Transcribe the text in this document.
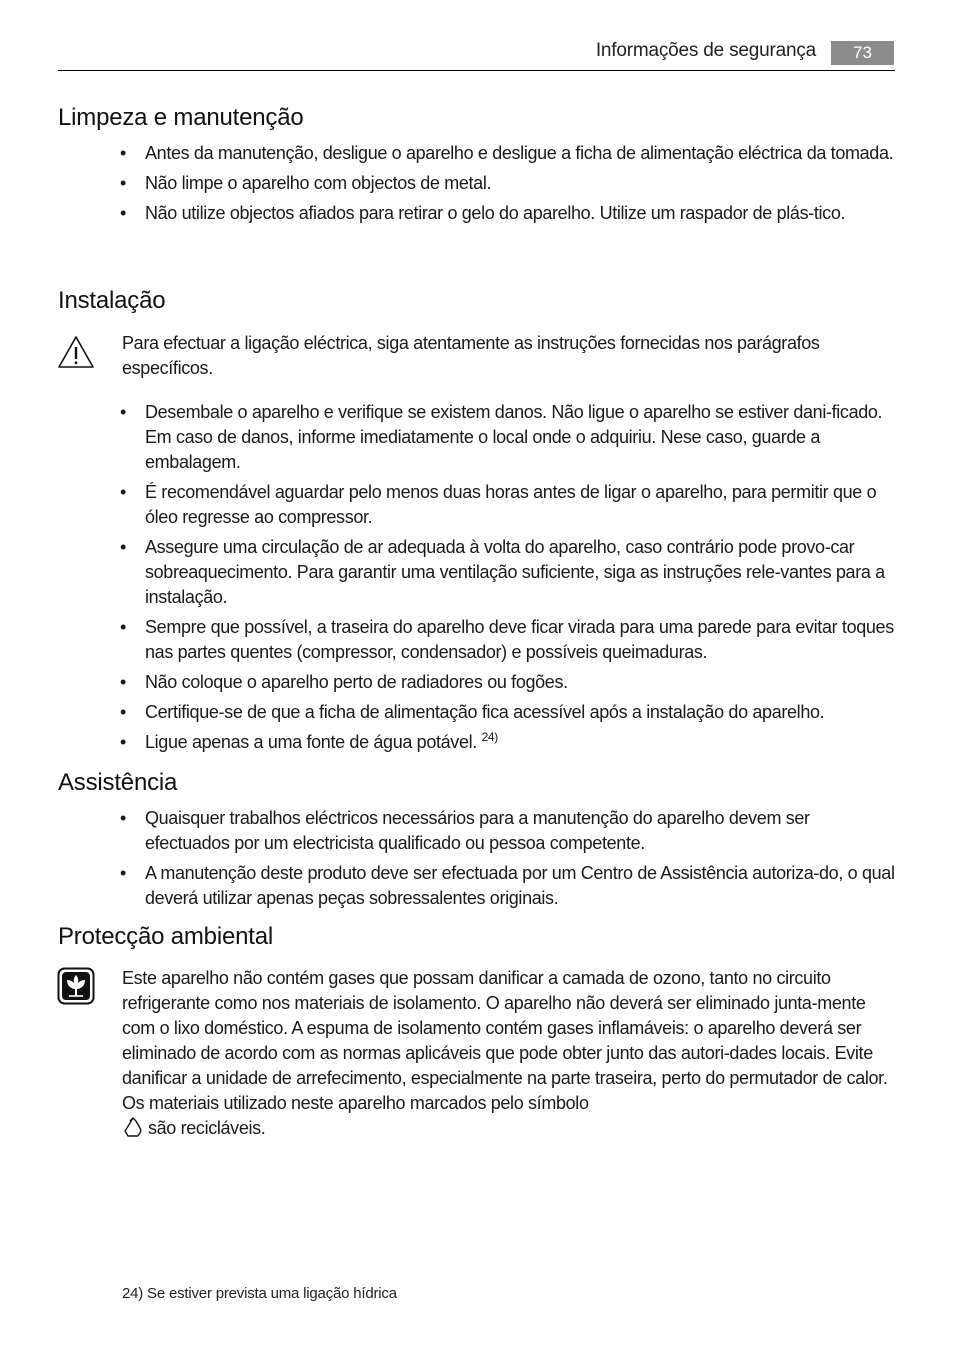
Informações de segurança	73
Limpeza e manutenção
• Antes da manutenção, desligue o aparelho e desligue a ficha de alimentação eléctrica da tomada.
• Não limpe o aparelho com objectos de metal.
• Não utilize objectos afiados para retirar o gelo do aparelho. Utilize um raspador de plás-tico.
Instalação

Para efectuar a ligação eléctrica, siga atentamente as instruções fornecidas nos parágrafos específicos.

• Desembale o aparelho e verifique se existem danos. Não ligue o aparelho se estiver dani-ficado. Em caso de danos, informe imediatamente o local onde o adquiriu. Nese caso, guarde a embalagem.
• É recomendável aguardar pelo menos duas horas antes de ligar o aparelho, para permitir que o óleo regresse ao compressor.
• Assegure uma circulação de ar adequada à volta do aparelho, caso contrário pode provo-car sobreaquecimento. Para garantir uma ventilação suficiente, siga as instruções rele-vantes para a instalação.
• Sempre que possível, a traseira do aparelho deve ficar virada para uma parede para evitar toques nas partes quentes (compressor, condensador) e possíveis queimaduras.
• Não coloque o aparelho perto de radiadores ou fogões.
• Certifique-se de que a ficha de alimentação fica acessível após a instalação do aparelho.
• Ligue apenas a uma fonte de água potável. $^{24)}$
Assistência
• Quaisquer trabalhos eléctricos necessários para a manutenção do aparelho devem ser efectuados por um electricista qualificado ou pessoa competente.
• A manutenção deste produto deve ser efectuada por um Centro de Assistência autoriza-do, o qual deverá utilizar apenas peças sobressalentes originais.
Protecção ambiental

Este aparelho não contém gases que possam danificar a camada de ozono, tanto no circuito refrigerante como nos materiais de isolamento. O aparelho não deverá ser eliminado junta-mente com o lixo doméstico. A espuma de isolamento contém gases inflamáveis: o aparelho deverá ser eliminado de acordo com as normas aplicáveis que pode obter junto das autori-dades locais. Evite danificar a unidade de arrefecimento, especialmente na parte traseira, perto do permutador de calor. Os materiais utilizado neste aparelho marcados pelo símbolo
são recicláveis.

24) Se estiver prevista uma ligação hídrica
